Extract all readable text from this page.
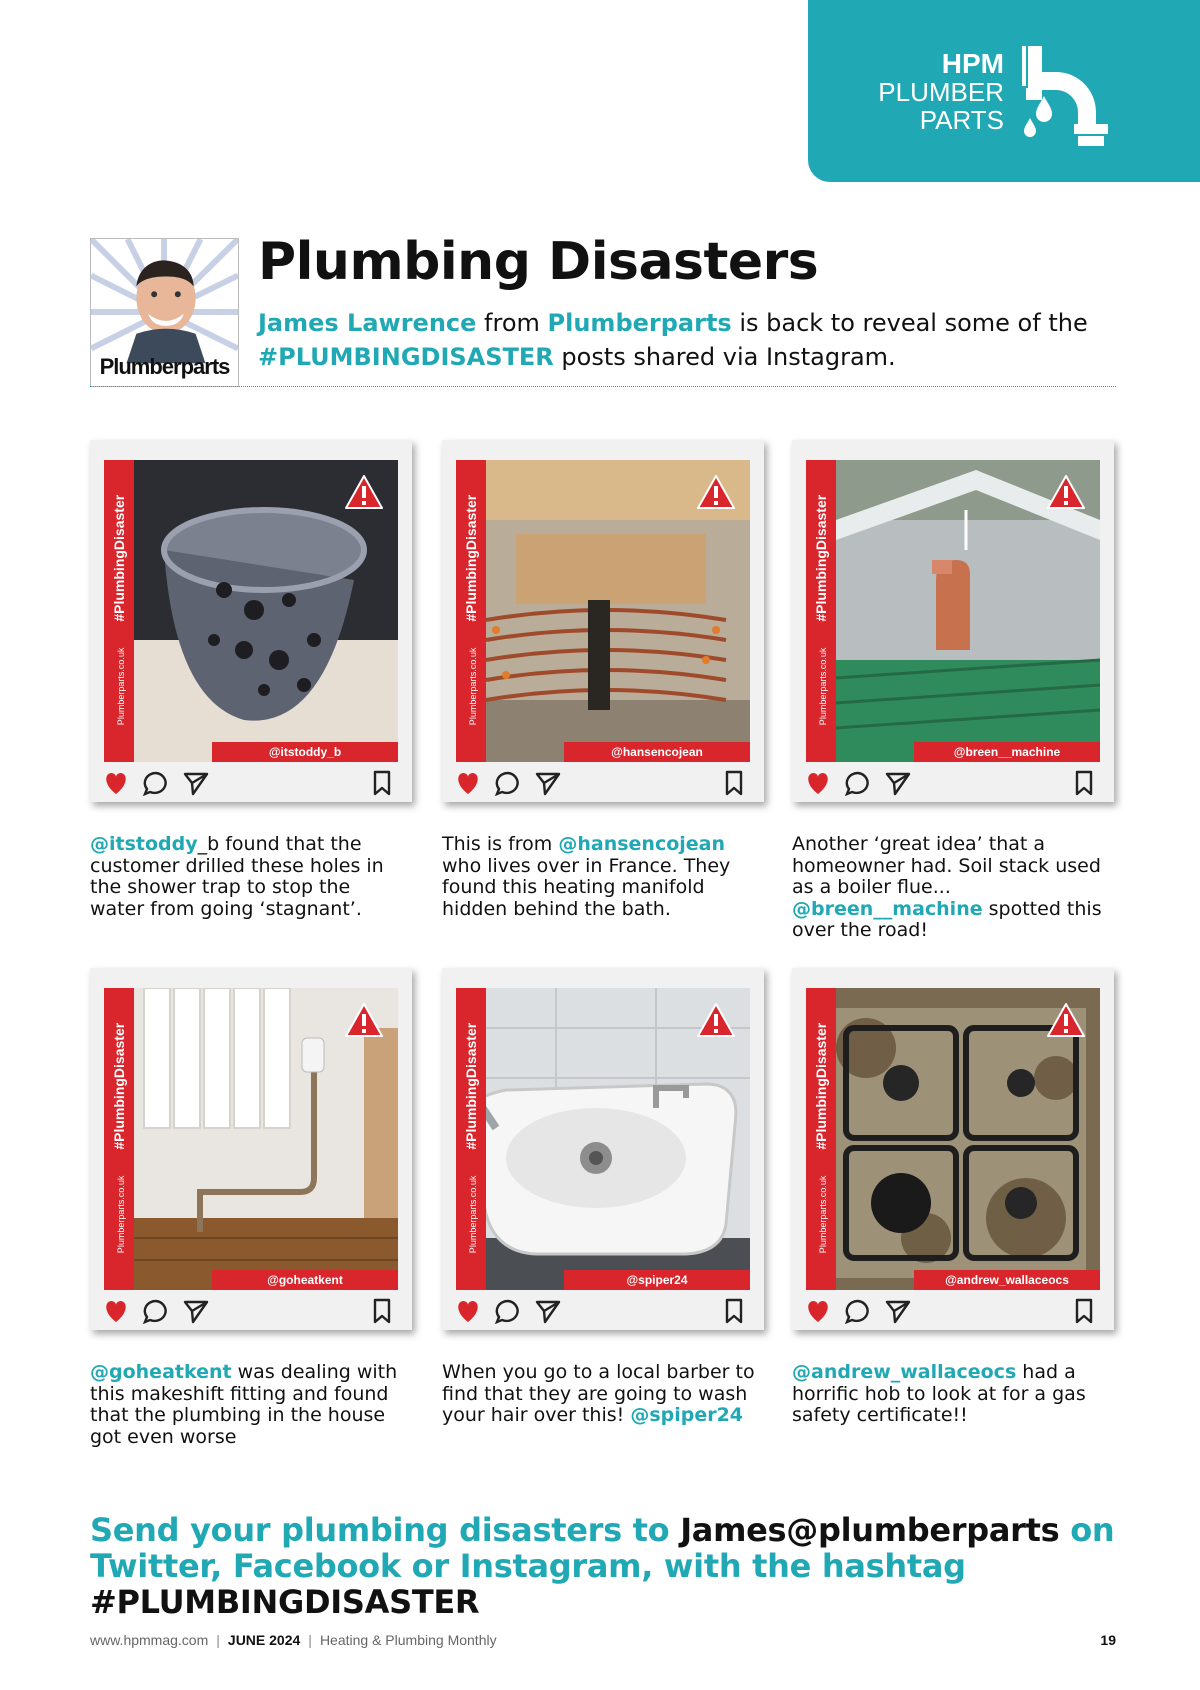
HPM
PLUMBER
PARTS
Plumberparts
Plumbing Disasters

James Lawrence from Plumberparts is back to reveal some of the
#PLUMBINGDISASTER posts shared via Instagram.

Plumberparts.co.uk#PlumbingDisaster
@itstoddy_b

@itstoddy_b found that the customer drilled these holes in the shower trap to stop the water from going ‘stagnant’.

Plumberparts.co.uk#PlumbingDisaster
@hansencojean

This is from @hansencojean who lives over in France. They found this heating manifold hidden behind the bath.

Plumberparts.co.uk#PlumbingDisaster
@breen__machine

Another ‘great idea’ that a homeowner had. Soil stack used as a boiler flue... @breen__machine spotted this over the road!

Plumberparts.co.uk#PlumbingDisaster
@goheatkent

@goheatkent was dealing with this makeshift fitting and found that the plumbing in the house got even worse

Plumberparts.co.uk#PlumbingDisaster
@spiper24

When you go to a local barber to find that they are going to wash your hair over this! @spiper24

Plumberparts.co.uk#PlumbingDisaster
@andrew_wallaceocs

@andrew_wallaceocs had a horrific hob to look at for a gas safety certificate!!

Send your plumbing disasters to James@plumberparts on Twitter, Facebook or Instagram, with the hashtag #PLUMBINGDISASTER

www.hpmmag.com | JUNE 2024 | Heating & Plumbing Monthly	19
